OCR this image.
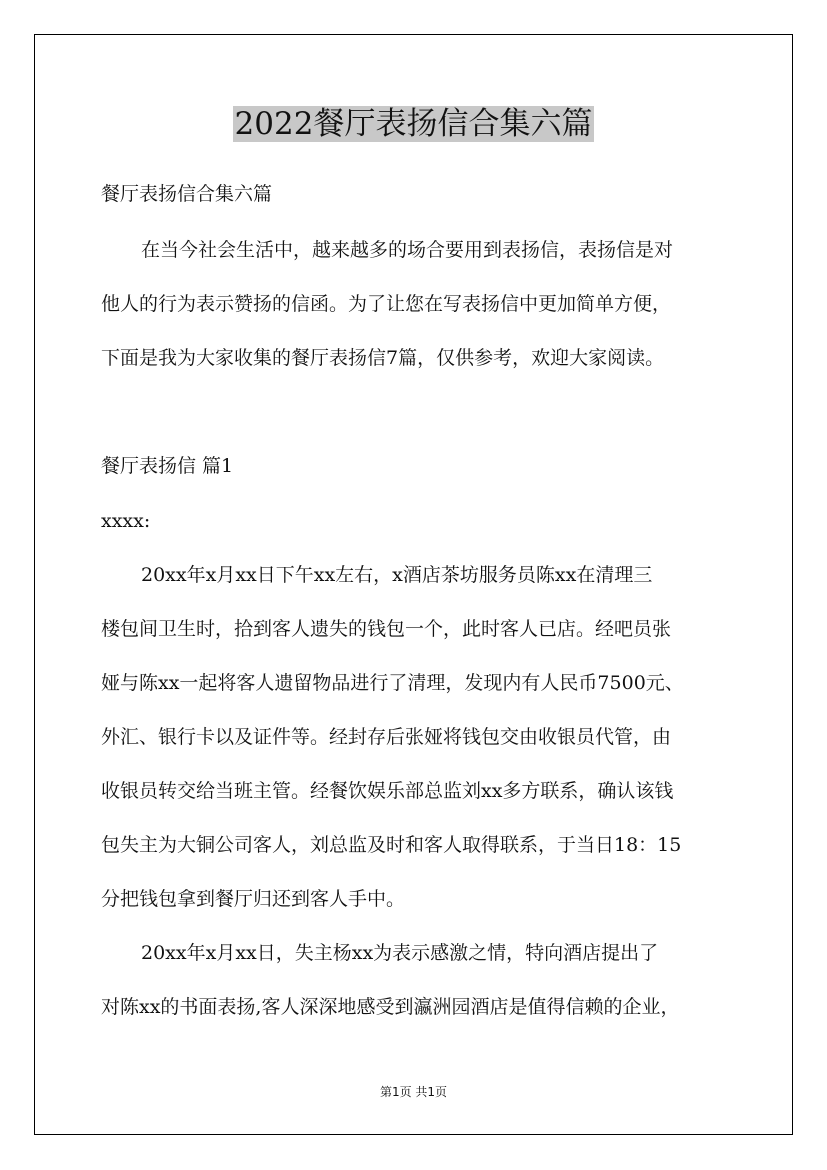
2022餐厅表扬信合集六篇
餐厅表扬信合集六篇
在当今社会生活中，越来越多的场合要用到表扬信，表扬信是对
他人的行为表示赞扬的信函。为了让您在写表扬信中更加简单方便，
下面是我为大家收集的餐厅表扬信7篇，仅供参考，欢迎大家阅读。
餐厅表扬信 篇1
xxxx:
20xx年x月xx日下午xx左右，x酒店茶坊服务员陈xx在清理三
楼包间卫生时，拾到客人遗失的钱包一个，此时客人已店。经吧员张
娅与陈xx一起将客人遗留物品进行了清理，发现内有人民币7500元、
外汇、银行卡以及证件等。经封存后张娅将钱包交由收银员代管，由
收银员转交给当班主管。经餐饮娱乐部总监刘xx多方联系，确认该钱
包失主为大铜公司客人，刘总监及时和客人取得联系，于当日18：15
分把钱包拿到餐厅归还到客人手中。
20xx年x月xx日，失主杨xx为表示感激之情，特向酒店提出了
对陈xx的书面表扬,客人深深地感受到瀛洲园酒店是值得信赖的企业，
第1页 共1页
